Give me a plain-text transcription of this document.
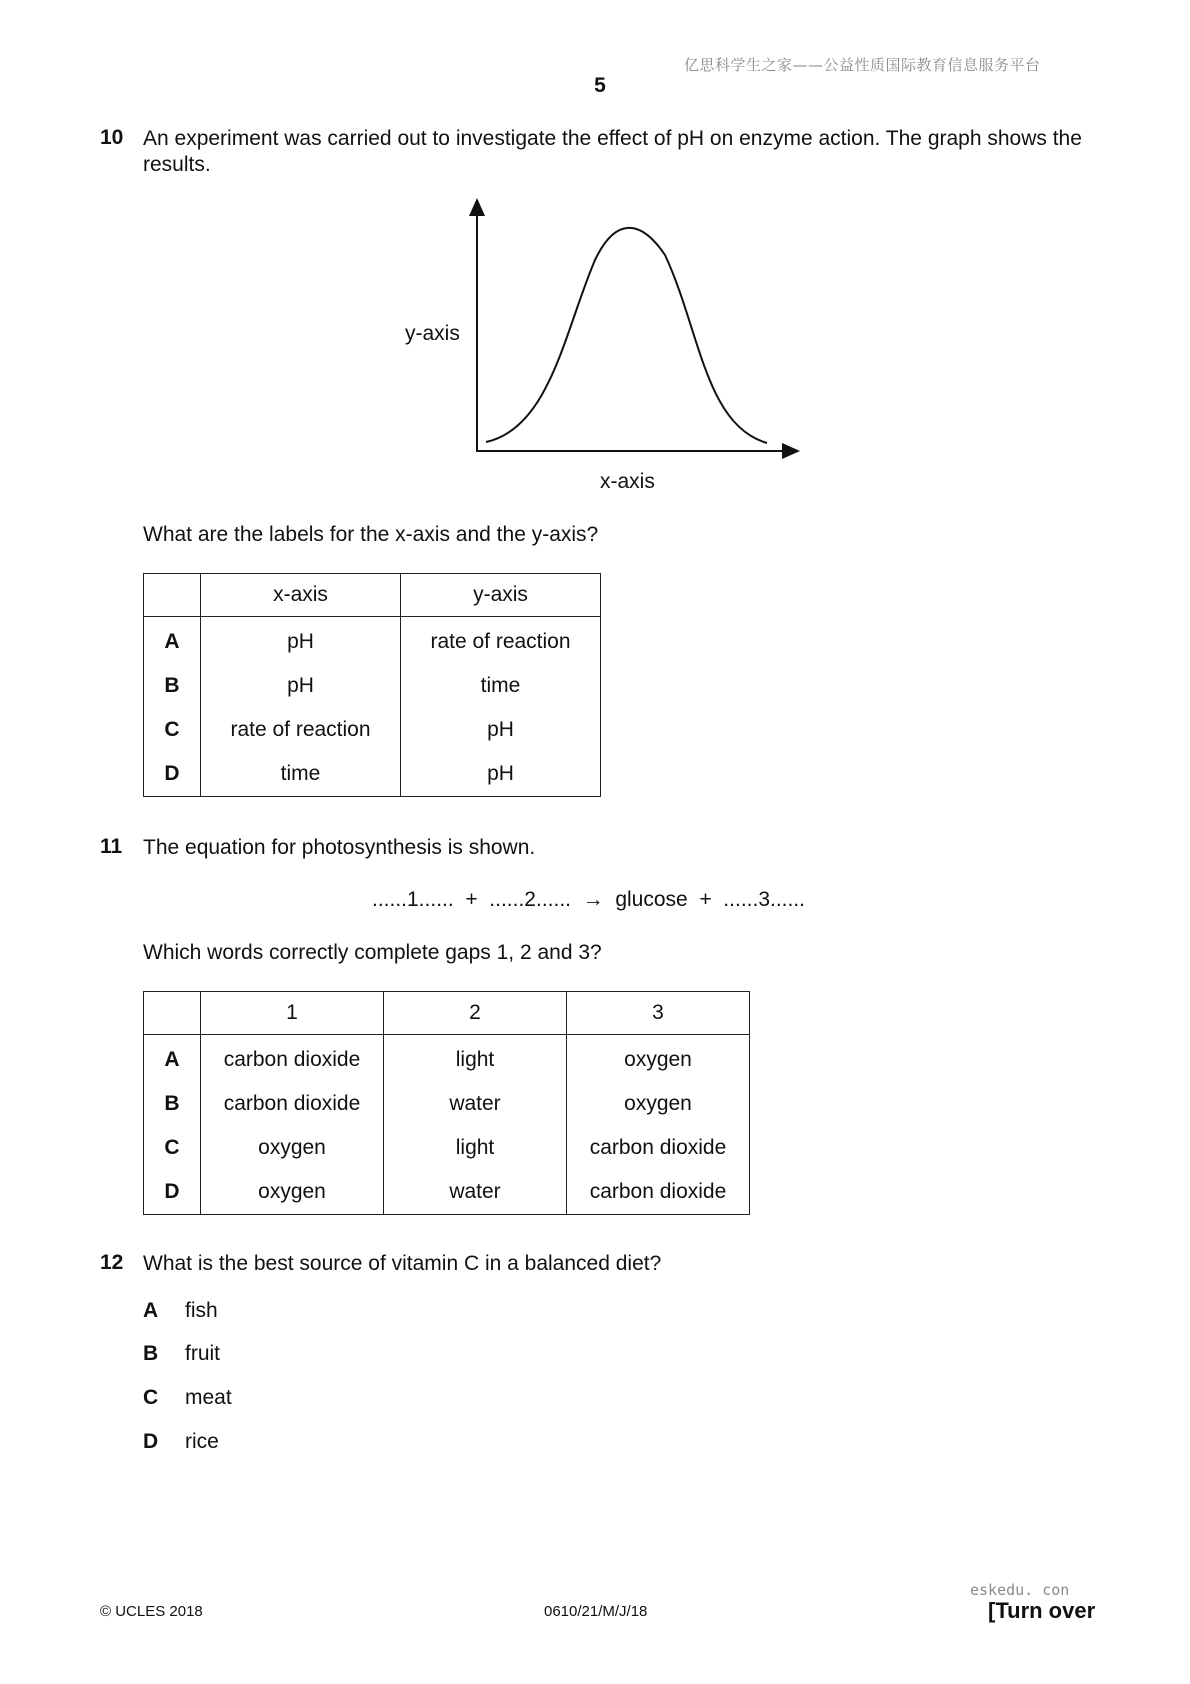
亿思科学生之家——公益性质国际教育信息服务平台
5
10 An experiment was carried out to investigate the effect of pH on enzyme action. The graph shows the results.
y-axis
x-axis
What are the labels for the x-axis and the y-axis?
	x-axis	y-axis
A	pH	rate of reaction
B	pH	time
C	rate of reaction	pH
D	time	pH
11 The equation for photosynthesis is shown.
......1......  +  ......2......  →  glucose  +  ......3......
Which words correctly complete gaps 1, 2 and 3?
	1	2	3
A	carbon dioxide	light	oxygen
B	carbon dioxide	water	oxygen
C	oxygen	light	carbon dioxide
D	oxygen	water	carbon dioxide
12 What is the best source of vitamin C in a balanced diet?
A fish
B fruit
C meat
D rice
eskedu. con
© UCLES 2018	0610/21/M/J/18	[Turn over
